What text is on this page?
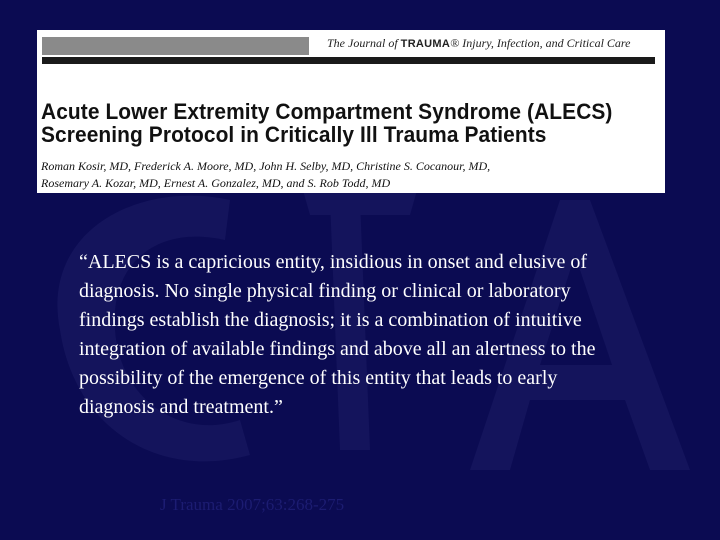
The Journal of TRAUMA® Injury, Infection, and Critical Care
Acute Lower Extremity Compartment Syndrome (ALECS)
Screening Protocol in Critically Ill Trauma Patients
Roman Kosir, MD, Frederick A. Moore, MD, John H. Selby, MD, Christine S. Cocanour, MD,
Rosemary A. Kozar, MD, Ernest A. Gonzalez, MD, and S. Rob Todd, MD
“ALECS is a capricious entity, insidious in onset and elusive of diagnosis. No single physical finding or clinical or laboratory findings establish the diagnosis; it is a combination of intuitive integration of available findings and above all an alertness to the possibility of the emergence of this entity that leads to early diagnosis and treatment.”
J Trauma 2007;63:268-275
